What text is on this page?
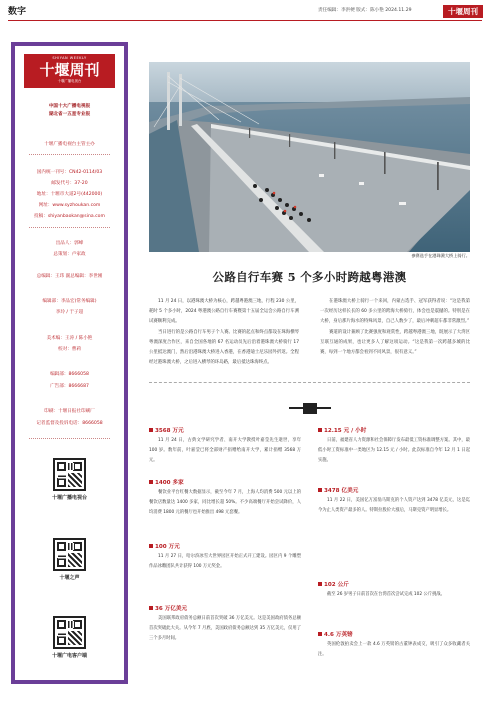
数字	责任编辑：李洪梗 版式：陈小艳 2024.11.29	十堰周刊
SHIYAN WEEKLY
十堰周刊
十堰广播电视台
中国十大广播电视报
湖北省一五星专业报
十堰广播电视台主管主办
国内统一刊号：CN42-0114/03
邮发代号：37-20
地址：十堰市大道2号(442000)
网址：www.syzhoukan.com
投稿：shiyanbaokan@sina.com
出品人：郭峰
总策划：卢家政
总编辑：王玮 副总编辑：李世刚
编辑部：李品宏(常务编辑)
李玲 / 于子超
美术编：王涛 / 陈小艳
校对：曹莉
编辑部：8666058
广告部：8666687
印刷：十堰日报社印刷厂
记者监督及投诉电话：8666058
十堰广播电视台
十堰之声
十堰广电客户端
参赛选手在港珠澳大桥上骑行。
公路自行车赛 5 个多小时跨越粤港澳

11 月 24 日，以港珠澳大桥为核心，跨越粤港澳三地，行程 230 公里，耗时 5 个多小时，2024 粤港澳公路自行车赛暨第十五届全运会公路自行车测试赛顺利完成。

当日进行的是公路自行车男子个人赛。比赛的起点和终点都设在珠海横琴粤澳深度合作区，来自全国各地的 67 名运动员先后沿着港珠澳大桥骑行 17 公里抵达澳门，然后沿港珠澳大桥进入香港，在香港迪士尼乐园外折返。全程经过港珠澳大桥，之后进入横琴的环岛路，最后抵达珠海终点。

在港珠澳大桥上骑行一个来回，内蒙古选手、冠军获得者说：“这是我第一次经历这样长长的 60 多公里的跨海大桥骑行，体会也是震撼的。特别是在大桥，身后那片海水的特殊风景，自己人数少了，最后冲刺超车都非常激烈。”

赛道的设计兼顾了比赛强度和观赏性，跨越粤港澳三地，既展示了大湾区互联互通的成果，也让更多人了解这项运动。“这是我第一次跨越多城的比赛，每到一个地方都会看到不同风景，很有意义。”

3568 万元
11 月 24 日，古典文学研究学者、南开大学教授叶嘉莹先生逝世，享年 100 岁。数年前，叶嘉莹已将全部财产捐赠给南开大学，累计捐赠 3568 万元。
1400 多家
餐饮业平台红餐大数据显示，截至今年 7 月，上海人均消费 500 元以上的餐饮店数量达 1400 多家，同比增长超 50%。不少高端餐厅开始尝试降价，人均消费 1800 元的餐厅也开始推出 498 元套餐。
100 万元
11 月 27 日，哈尔滨冰雪大世界园区开始正式开工建设。园区内 9 个雕塑作品冰雕团队共计获得 100 万元奖金。
36 万亿美元
美国联邦政府债务总额日前首次突破 36 万亿美元。这是美国政府债务总额首次突破此大关。从今年 7 月底，美国政府债务总额达到 35 万亿美元，仅用了三个多月时间。
12.15 元 / 小时
日前，福建省人力资源和社会保障厅发布最低工资标准调整方案。其中，最低小时工资标准中一类地区为 12.15 元 / 小时。此次标准自今年 12 月 1 日起实施。
3478 亿美元
11 月 22 日，美国亿万富翁马斯克的个人资产达到 3478 亿美元，这是迄今为止人类资产最多的人。特斯拉股价大涨后，马斯克资产明显增长。
102 公斤
截至 26 岁男子日前首次在台湾首次尝试完成 102 公斤挑战。
4.6 万英镑
英国伦敦拍卖会上一款 4.6 万英镑的古董钟表成交，吸引了众多收藏者关注。
